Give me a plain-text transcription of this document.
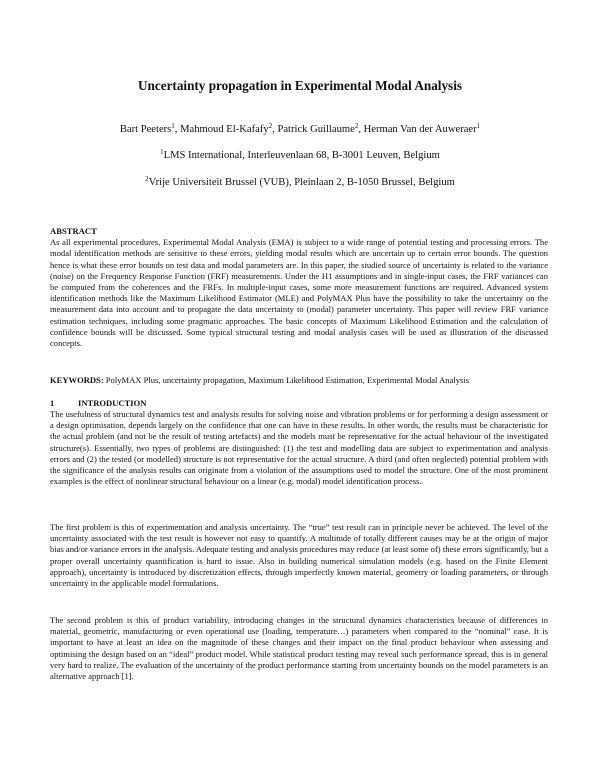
Uncertainty propagation in Experimental Modal Analysis
Bart Peeters$^1$, Mahmoud El-Kafafy$^2$, Patrick Guillaume$^2$, Herman Van der Auweraer$^1$
$^1$LMS International, Interleuvenlaan 68, B-3001 Leuven, Belgium
$^2$Vrije Universiteit Brussel (VUB), Pleinlaan 2, B-1050 Brussel, Belgium
ABSTRACT

As all experimental procedures, Experimental Modal Analysis (EMA) is subject to a wide range of potential testing and processing errors. The modal identification methods are sensitive to these errors, yielding modal results which are uncertain up to certain error bounds. The question hence is what these error bounds on test data and modal parameters are. In this paper, the studied source of uncertainty is related to the variance (noise) on the Frequency Response Function (FRF) measurements. Under the H1 assumptions and in single-input cases, the FRF variances can be computed from the coherences and the FRFs. In multiple-input cases, some more measurement functions are required. Advanced system identification methods like the Maximum Likelihood Estimator (MLE) and PolyMAX Plus have the possibility to take the uncertainty on the measurement data into account and to propagate the data uncertainty to (modal) parameter uncertainty. This paper will review FRF variance estimation techniques, including some pragmatic approaches. The basic concepts of Maximum Likelihood Estimation and the calculation of confidence bounds will be discussed. Some typical structural testing and modal analysis cases will be used as illustration of the discussed concepts.

KEYWORDS: PolyMAX Plus, uncertainty propagation, Maximum Likelihood Estimation, Experimental Modal Analysis
1	INTRODUCTION

The usefulness of structural dynamics test and analysis results for solving noise and vibration problems or for performing a design assessment or a design optimisation, depends largely on the confidence that one can have in these results. In other words, the results must be characteristic for the actual problem (and not be the result of testing artefacts) and the models must be representative for the actual behaviour of the investigated structure(s). Essentially, two types of problems are distinguished: (1) the test and modelling data are subject to experimentation and analysis errors and (2) the tested (or modelled) structure is not representative for the actual structure. A third (and often neglected) potential problem with the significance of the analysis results can originate from a violation of the assumptions used to model the structure. One of the most prominent examples is the effect of nonlinear structural behaviour on a linear (e.g. modal) model identification process.

The first problem is this of experimentation and analysis uncertainty. The “true” test result can in principle never be achieved. The level of the uncertainty associated with the test result is however not easy to quantify. A multitude of totally different causes may be at the origin of major bias and/or variance errors in the analysis. Adequate testing and analysis procedures may reduce (at least some of) these errors significantly, but a proper overall uncertainty quantification is hard to issue. Also in building numerical simulation models (e.g. based on the Finite Element approach), uncertainty is introduced by discretization effects, through imperfectly known material, geometry or loading parameters, or through uncertainty in the applicable model formulations.

The second problem is this of product variability, introducing changes in the structural dynamics characteristics because of differences in material, geometric, manufacturing or even operational use (loading, temperature…) parameters when compared to the “nominal” case. It is important to have at least an idea on the magnitude of these changes and their impact on the final product behaviour when assessing and optimising the design based on an “ideal” product model. While statistical product testing may reveal such performance spread, this is in general very hard to realize. The evaluation of the uncertainty of the product performance starting from uncertainty bounds on the model parameters is an alternative approach [1].
